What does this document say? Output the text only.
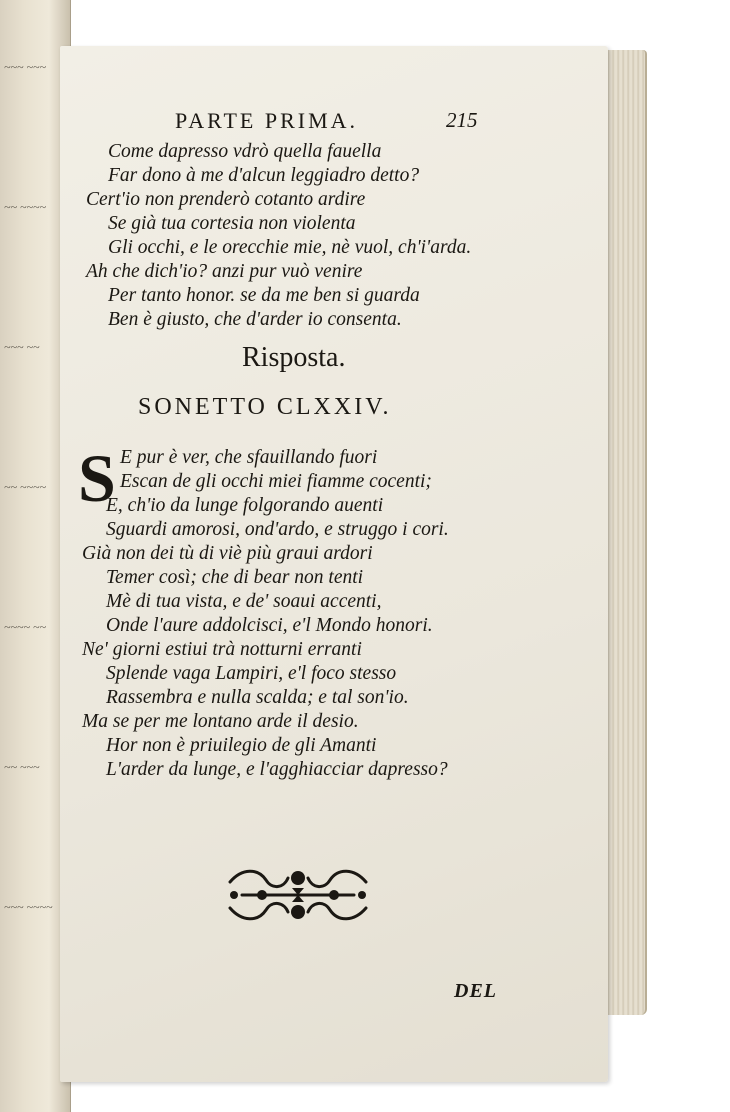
~~~ ~~~
~~ ~~~~
~~~ ~~
~~ ~~~~
~~~~ ~~
~~ ~~~
~~~ ~~~~
PARTE PRIMA.	215
Come dapresso vdrò quella fauella
Far dono à me d'alcun leggiadro detto?
Cert'io non prenderò cotanto ardire
Se già tua cortesia non violenta
Gli occhi, e le orecchie mie, nè vuol, ch'i'arda.
Ah che dich'io? anzi pur vuò venire
Per tanto honor. se da me ben si guarda
Ben è giusto, che d'arder io consenta.
Risposta.
SONETTO CLXXIV.
S E pur è ver, che sfauillando fuori
Escan de gli occhi miei fiamme cocenti;
E, ch'io da lunge folgorando auenti
Sguardi amorosi, ond'ardo, e struggo i cori.
Già non dei tù di viè più graui ardori
Temer così; che di bear non tenti
Mè di tua vista, e de' soaui accenti,
Onde l'aure addolcisci, e'l Mondo honori.
Ne' giorni estiui trà notturni erranti
Splende vaga Lampiri, e'l foco stesso
Rassembra e nulla scalda; e tal son'io.
Ma se per me lontano arde il desio.
Hor non è priuilegio de gli Amanti
L'arder da lunge, e l'agghiacciar dapresso?
DEL
